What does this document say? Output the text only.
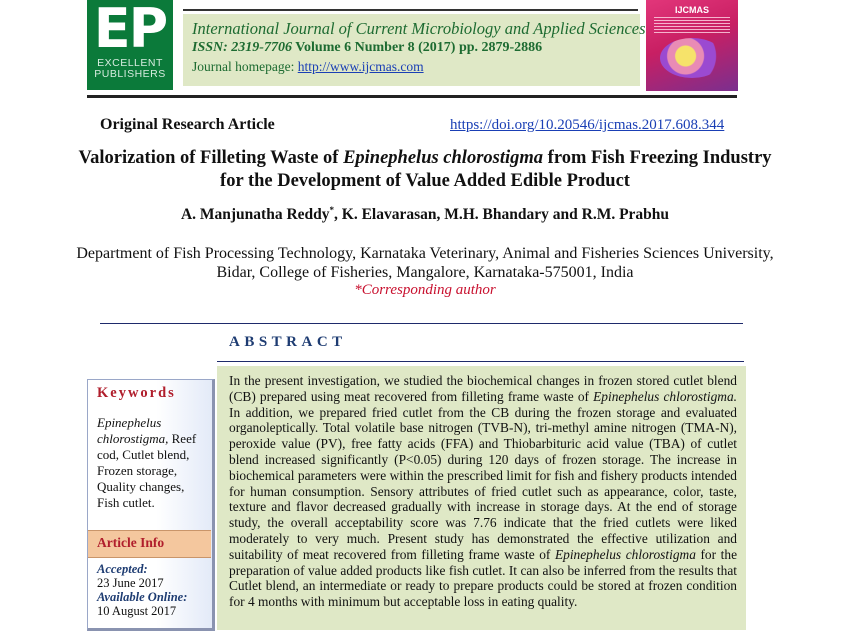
EP
EXCELLENT
PUBLISHERS
International Journal of Current Microbiology and Applied Sciences
ISSN: 2319-7706 Volume 6 Number 8 (2017) pp. 2879-2886
Journal homepage: http://www.ijcmas.com
IJCMAS
Original Research Article	https://doi.org/10.20546/ijcmas.2017.608.344
Valorization of Filleting Waste of Epinephelus chlorostigma from Fish Freezing Industry for the Development of Value Added Edible Product
A. Manjunatha Reddy*, K. Elavarasan, M.H. Bhandary and R.M. Prabhu
Department of Fish Processing Technology, Karnataka Veterinary, Animal and Fisheries Sciences University, Bidar, College of Fisheries, Mangalore, Karnataka-575001, India
*Corresponding author
ABSTRACT
In the present investigation, we studied the biochemical changes in frozen stored cutlet blend (CB) prepared using meat recovered from filleting frame waste of Epinephelus chlorostigma. In addition, we prepared fried cutlet from the CB during the frozen storage and evaluated organoleptically. Total volatile base nitrogen (TVB-N), tri-methyl amine nitrogen (TMA-N), peroxide value (PV), free fatty acids (FFA) and Thiobarbituric acid value (TBA) of cutlet blend increased significantly (P<0.05) during 120 days of frozen storage. The increase in biochemical parameters were within the prescribed limit for fish and fishery products intended for human consumption. Sensory attributes of fried cutlet such as appearance, color, taste, texture and flavor decreased gradually with increase in storage days. At the end of storage study, the overall acceptability score was 7.76 indicate that the fried cutlets were liked moderately to very much. Present study has demonstrated the effective utilization and suitability of meat recovered from filleting frame waste of Epinephelus chlorostigma for the preparation of value added products like fish cutlet. It can also be inferred from the results that Cutlet blend, an intermediate or ready to prepare products could be stored at frozen condition for 4 months with minimum but acceptable loss in eating quality.
Keywords
Epinephelus chlorostigma, Reef cod, Cutlet blend, Frozen storage, Quality changes, Fish cutlet.
Article Info
Accepted:
23 June 2017
Available Online:
10 August 2017
